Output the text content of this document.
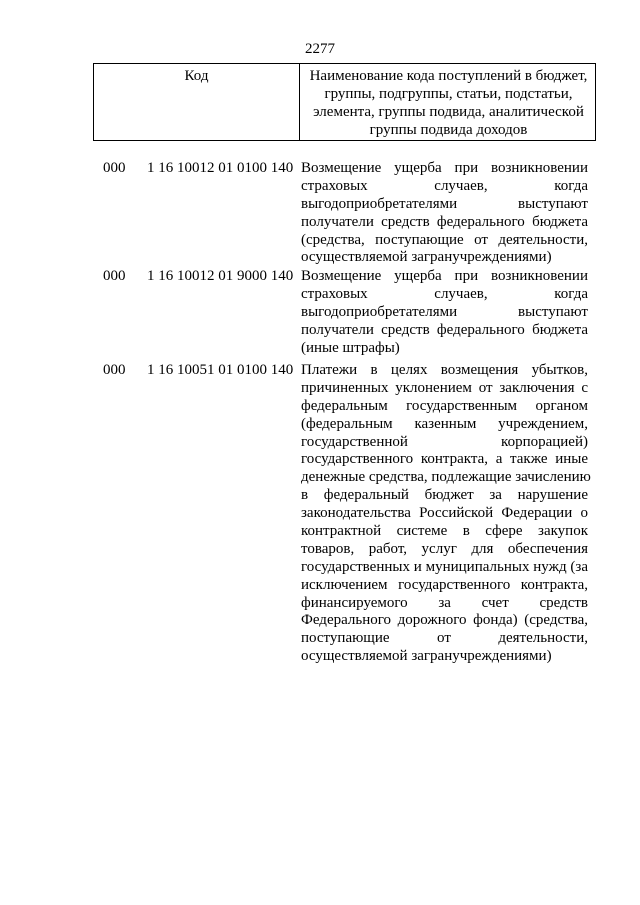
2277
Код	Наименование кода поступлений в бюджет,
группы, подгруппы, статьи, подстатьи,
элемента, группы подвида, аналитической
группы подвида доходов
000 1 16 10012 01 0100 140 Возмещение ущерба при возникновении
страховых случаев, когда
выгодоприобретателями выступают
получатели средств федерального бюджета
(средства, поступающие от деятельности,
осуществляемой загранучреждениями)
000 1 16 10012 01 9000 140 Возмещение ущерба при возникновении
страховых случаев, когда
выгодоприобретателями выступают
получатели средств федерального бюджета
(иные штрафы)
000 1 16 10051 01 0100 140 Платежи в целях возмещения убытков,
причиненных уклонением от заключения с
федеральным государственным органом
(федеральным казенным учреждением,
государственной корпорацией)
государственного контракта, а также иные
денежные средства, подлежащие зачислению
в федеральный бюджет за нарушение
законодательства Российской Федерации о
контрактной системе в сфере закупок
товаров, работ, услуг для обеспечения
государственных и муниципальных нужд (за
исключением государственного контракта,
финансируемого за счет средств
Федерального дорожного фонда) (средства,
поступающие от деятельности,
осуществляемой загранучреждениями)
